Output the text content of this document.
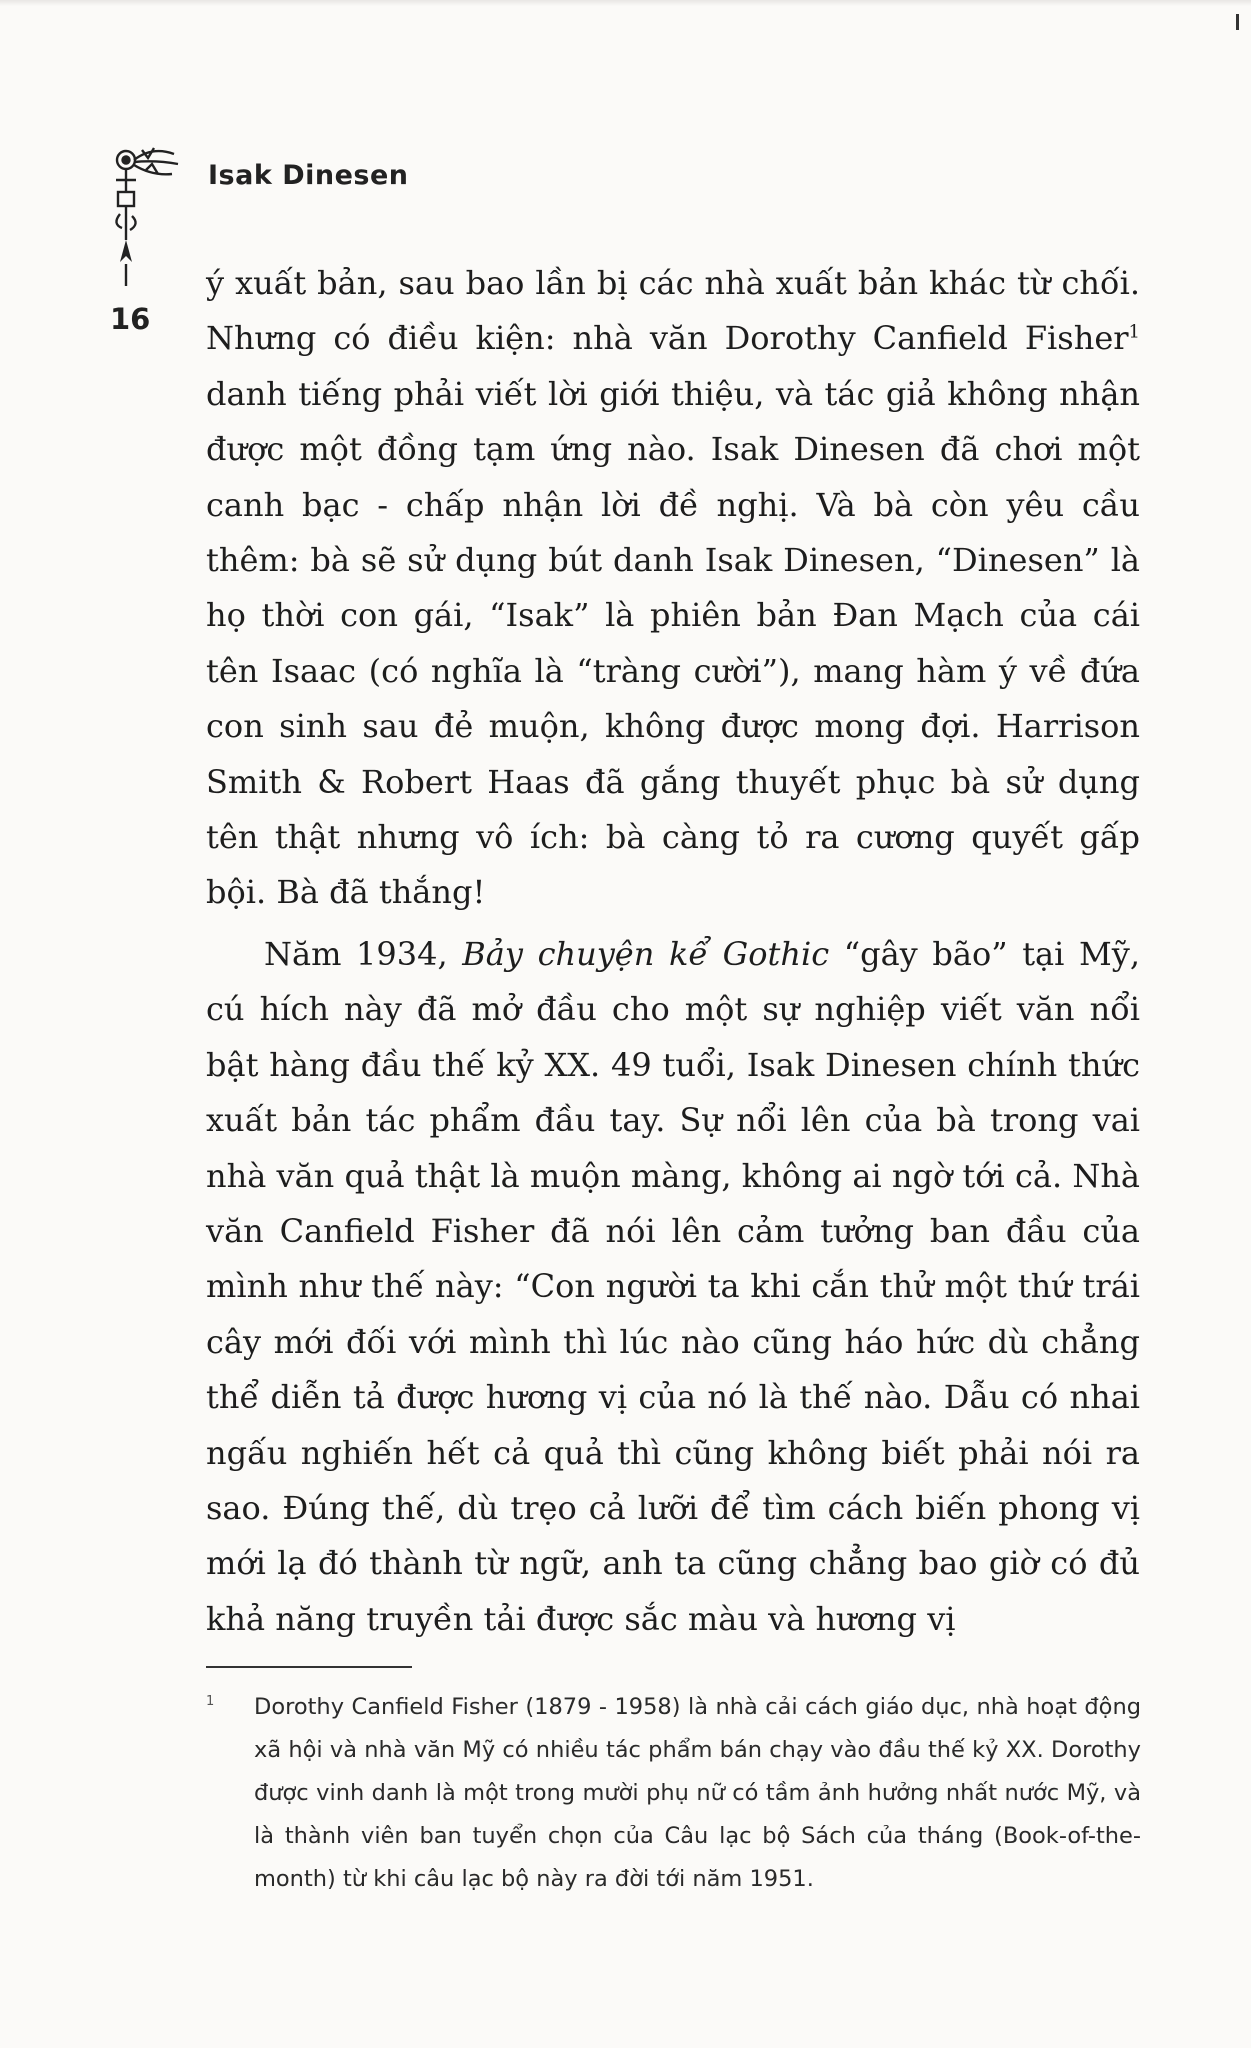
Isak Dinesen
16

ý xuất bản, sau bao lần bị các nhà xuất bản khác từ chối. Nhưng có điều kiện: nhà văn Dorothy Canfield Fisher$^1$ danh tiếng phải viết lời giới thiệu, và tác giả không nhận được một đồng tạm ứng nào. Isak Dinesen đã chơi một canh bạc - chấp nhận lời đề nghị. Và bà còn yêu cầu thêm: bà sẽ sử dụng bút danh Isak Dinesen, “Dinesen” là họ thời con gái, “Isak” là phiên bản Đan Mạch của cái tên Isaac (có nghĩa là “tràng cười”), mang hàm ý về đứa con sinh sau đẻ muộn, không được mong đợi. Harrison Smith & Robert Haas đã gắng thuyết phục bà sử dụng tên thật nhưng vô ích: bà càng tỏ ra cương quyết gấp bội. Bà đã thắng!

Năm 1934, Bảy chuyện kể Gothic “gây bão” tại Mỹ, cú hích này đã mở đầu cho một sự nghiệp viết văn nổi bật hàng đầu thế kỷ XX. 49 tuổi, Isak Dinesen chính thức xuất bản tác phẩm đầu tay. Sự nổi lên của bà trong vai nhà văn quả thật là muộn màng, không ai ngờ tới cả. Nhà văn Canfield Fisher đã nói lên cảm tưởng ban đầu của mình như thế này: “Con người ta khi cắn thử một thứ trái cây mới đối với mình thì lúc nào cũng háo hức dù chẳng thể diễn tả được hương vị của nó là thế nào. Dẫu có nhai ngấu nghiến hết cả quả thì cũng không biết phải nói ra sao. Đúng thế, dù trẹo cả lưỡi để tìm cách biến phong vị mới lạ đó thành từ ngữ, anh ta cũng chẳng bao giờ có đủ khả năng truyền tải được sắc màu và hương vị

1 Dorothy Canfield Fisher (1879 - 1958) là nhà cải cách giáo dục, nhà hoạt động xã hội và nhà văn Mỹ có nhiều tác phẩm bán chạy vào đầu thế kỷ XX. Dorothy được vinh danh là một trong mười phụ nữ có tầm ảnh hưởng nhất nước Mỹ, và là thành viên ban tuyển chọn của Câu lạc bộ Sách của tháng (Book-of-the-month) từ khi câu lạc bộ này ra đời tới năm 1951.
